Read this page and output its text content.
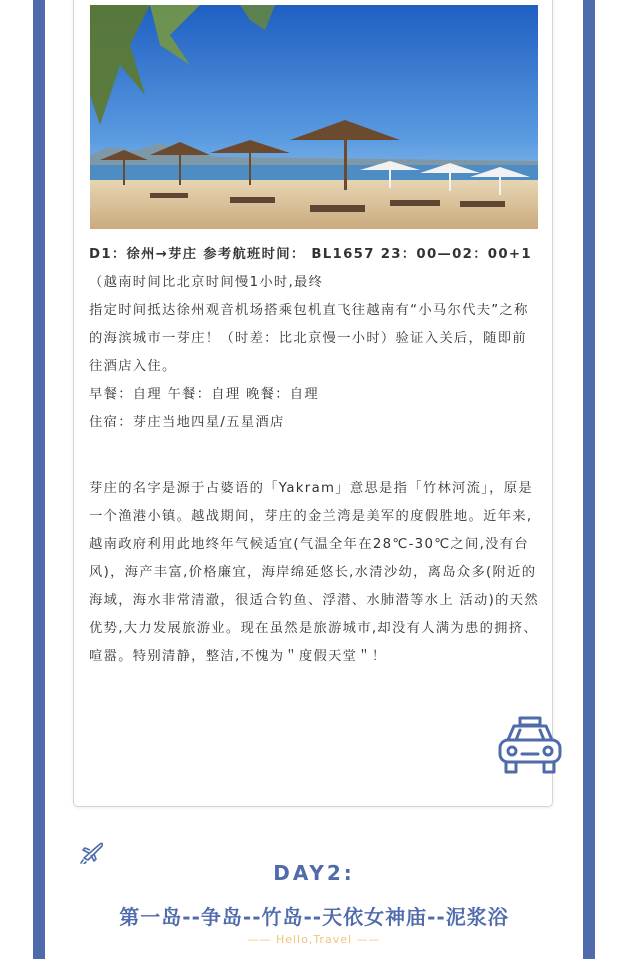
D1：徐州→芽庄 参考航班时间： BL1657 23：00—02：00+1

（越南时间比北京时间慢1小时,最终

指定时间抵达徐州观音机场搭乘包机直飞往越南有“小马尔代夫”之称的海滨城市一芽庄！（时差：比北京慢一小时）验证入关后，随即前往酒店入住。

早餐：自理 午餐：自理 晚餐：自理

住宿：芽庄当地四星/五星酒店

芽庄的名字是源于占婆语的「Yakram」意思是指「竹林河流」，原是一个渔港小镇。越战期间，芽庄的金兰湾是美军的度假胜地。近年来,越南政府利用此地终年气候适宜(气温全年在28℃-30℃之间,没有台风)，海产丰富,价格廉宜，海岸绵延悠长,水清沙幼，离岛众多(附近的海域，海水非常清澈，很适合钓鱼、浮潜、水肺潜等水上 活动)的天然优势,大力发展旅游业。现在虽然是旅游城市,却没有人满为患的拥挤、喧嚣。特别清静，整洁,不愧为＂度假天堂＂！

DAY2:
第一岛--争岛--竹岛--天依女神庙--泥浆浴
—— Hello,Travel ——
